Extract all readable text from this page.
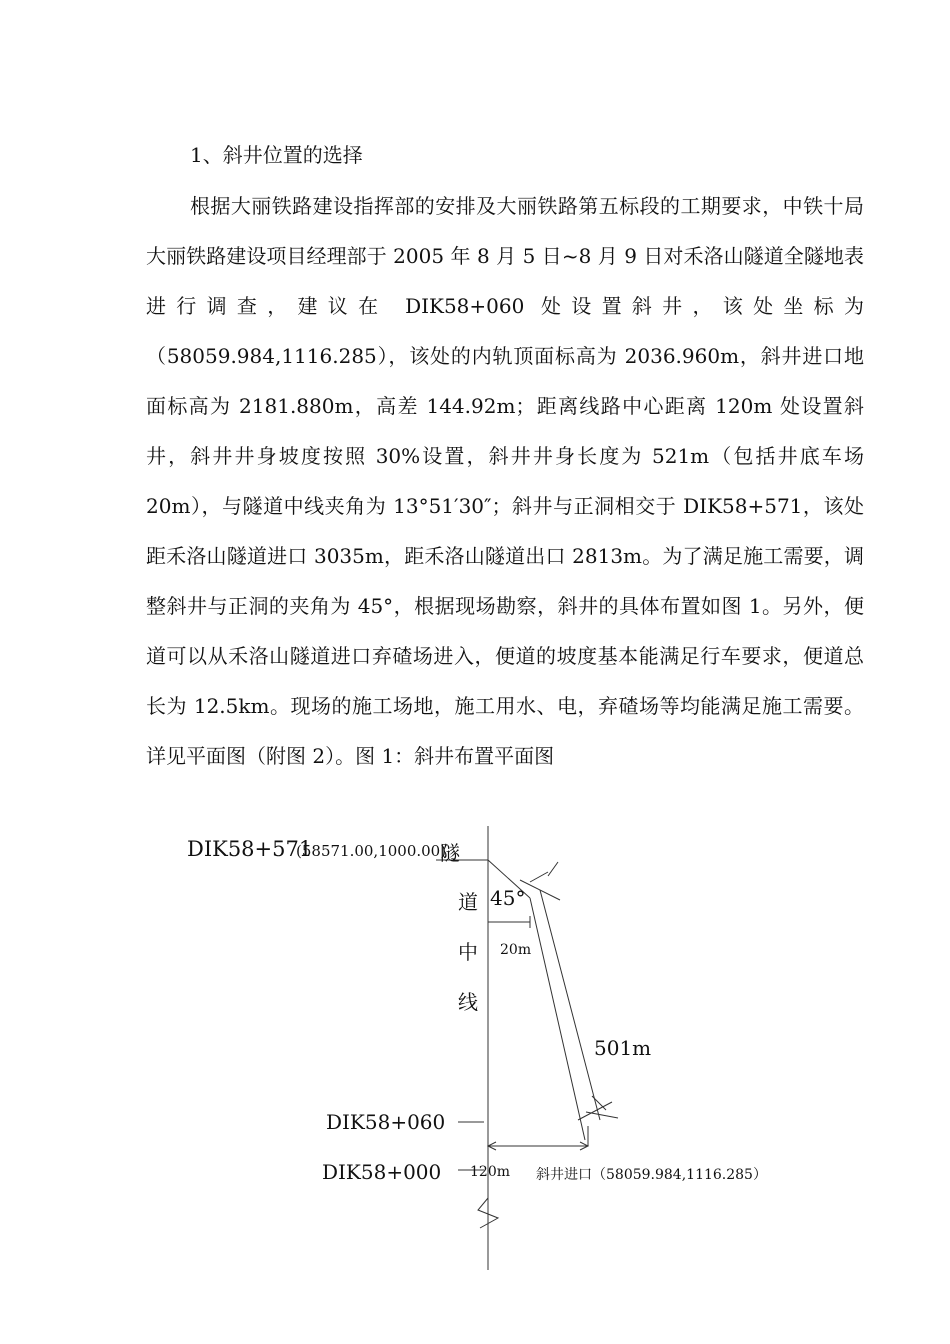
1、斜井位置的选择

根据大丽铁路建设指挥部的安排及大丽铁路第五标段的工期要求，中铁十局大丽铁路建设项目经理部于 2005 年 8 月 5 日~8 月 9 日对禾洛山隧道全隧地表进行调查，建议在 DIK58+060 处设置斜井，该处坐标为（58059.984,1116.285），该处的内轨顶面标高为 2036.960m，斜井进口地面标高为 2181.880m，高差 144.92m；距离线路中心距离 120m 处设置斜井，斜井井身坡度按照 30%设置，斜井井身长度为 521m（包括井底车场 20m），与隧道中线夹角为 13°51′30″；斜井与正洞相交于 DIK58+571，该处距禾洛山隧道进口 3035m，距禾洛山隧道出口 2813m。为了满足施工需要，调整斜井与正洞的夹角为 45°，根据现场勘察，斜井的具体布置如图 1。另外，便道可以从禾洛山隧道进口弃碴场进入，便道的坡度基本能满足行车要求，便道总长为 12.5km。现场的施工场地，施工用水、电，弃碴场等均能满足施工需要。详见平面图（附图 2）。图 1：斜井布置平面图

DIK58+571
(58571.00,1000.00)
隧
道 45°
中 20m
线
501m
DIK58+060
DIK58+000 120m 斜井进口（58059.984,1116.285）
